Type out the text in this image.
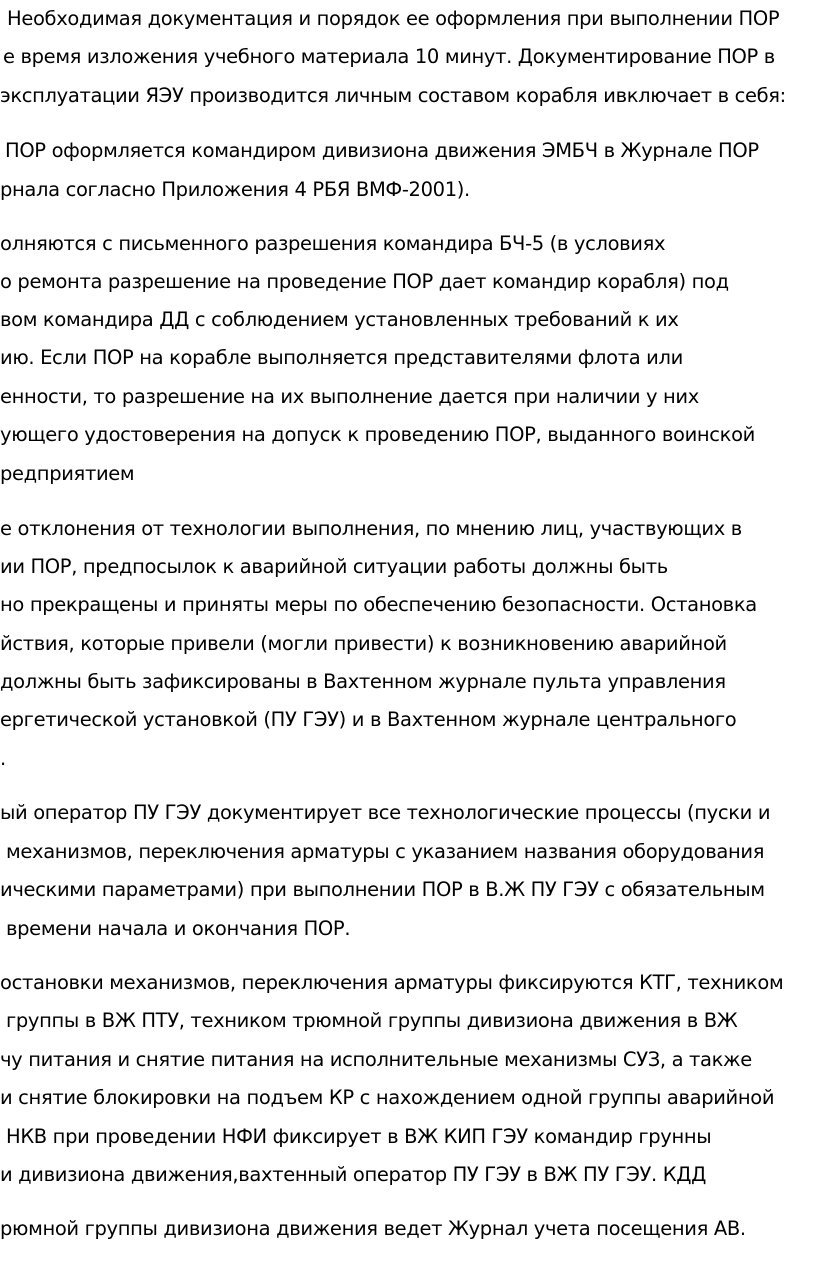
Необходимая документация и порядок ее оформления при выполнении ПОР
е время изложения учебного материала 10 минут. Документирование ПОР в
эксплуатации ЯЭУ производится личным составом корабля ивключает в себя:
ПОР оформляется командиром дивизиона движения ЭМБЧ в Журнале ПОР
рнала согласно Приложения 4 РБЯ ВМФ-2001).
олняются с письменного разрешения командира БЧ-5 (в условиях
о ремонта разрешение на проведение ПОР дает командир корабля) под
вом командира ДД с соблюдением установленных требований к их
ию. Если ПОР на корабле выполняется представителями флота или
енности, то разрешение на их выполнение дается при наличии у них
ующего удостоверения на допуск к проведению ПОР, выданного воинской
редприятием
е отклонения от технологии выполнения, по мнению лиц, участвующих в
ии ПОР, предпосылок к аварийной ситуации работы должны быть
но прекращены и приняты меры по обеспечению безопасности. Остановка
йствия, которые привели (могли привести) к возникновению аварийной
должны быть зафиксированы в Вахтенном журнале пульта управления
ергетической установкой (ПУ ГЭУ) и в Вахтенном журнале центрального
.
ый оператор ПУ ГЭУ документирует все технологические процессы (пуски и
механизмов, переключения арматуры с указанием названия оборудования
ическими параметрами) при выполнении ПОР в В.Ж ПУ ГЭУ с обязательным
времени начала и окончания ПОР.
остановки механизмов, переключения арматуры фиксируются КТГ, техником
группы в ВЖ ПТУ, техником трюмной группы дивизиона движения в ВЖ
чу питания и снятие питания на исполнительные механизмы СУЗ, а также
и снятие блокировки на подъем КР с нахождением одной группы аварийной
НКВ при проведении НФИ фиксирует в ВЖ КИП ГЭУ командир грунны
и дивизиона движения,вахтенный оператор ПУ ГЭУ в ВЖ ПУ ГЭУ. КДД
рюмной группы дивизиона движения ведет Журнал учета посещения АВ.
